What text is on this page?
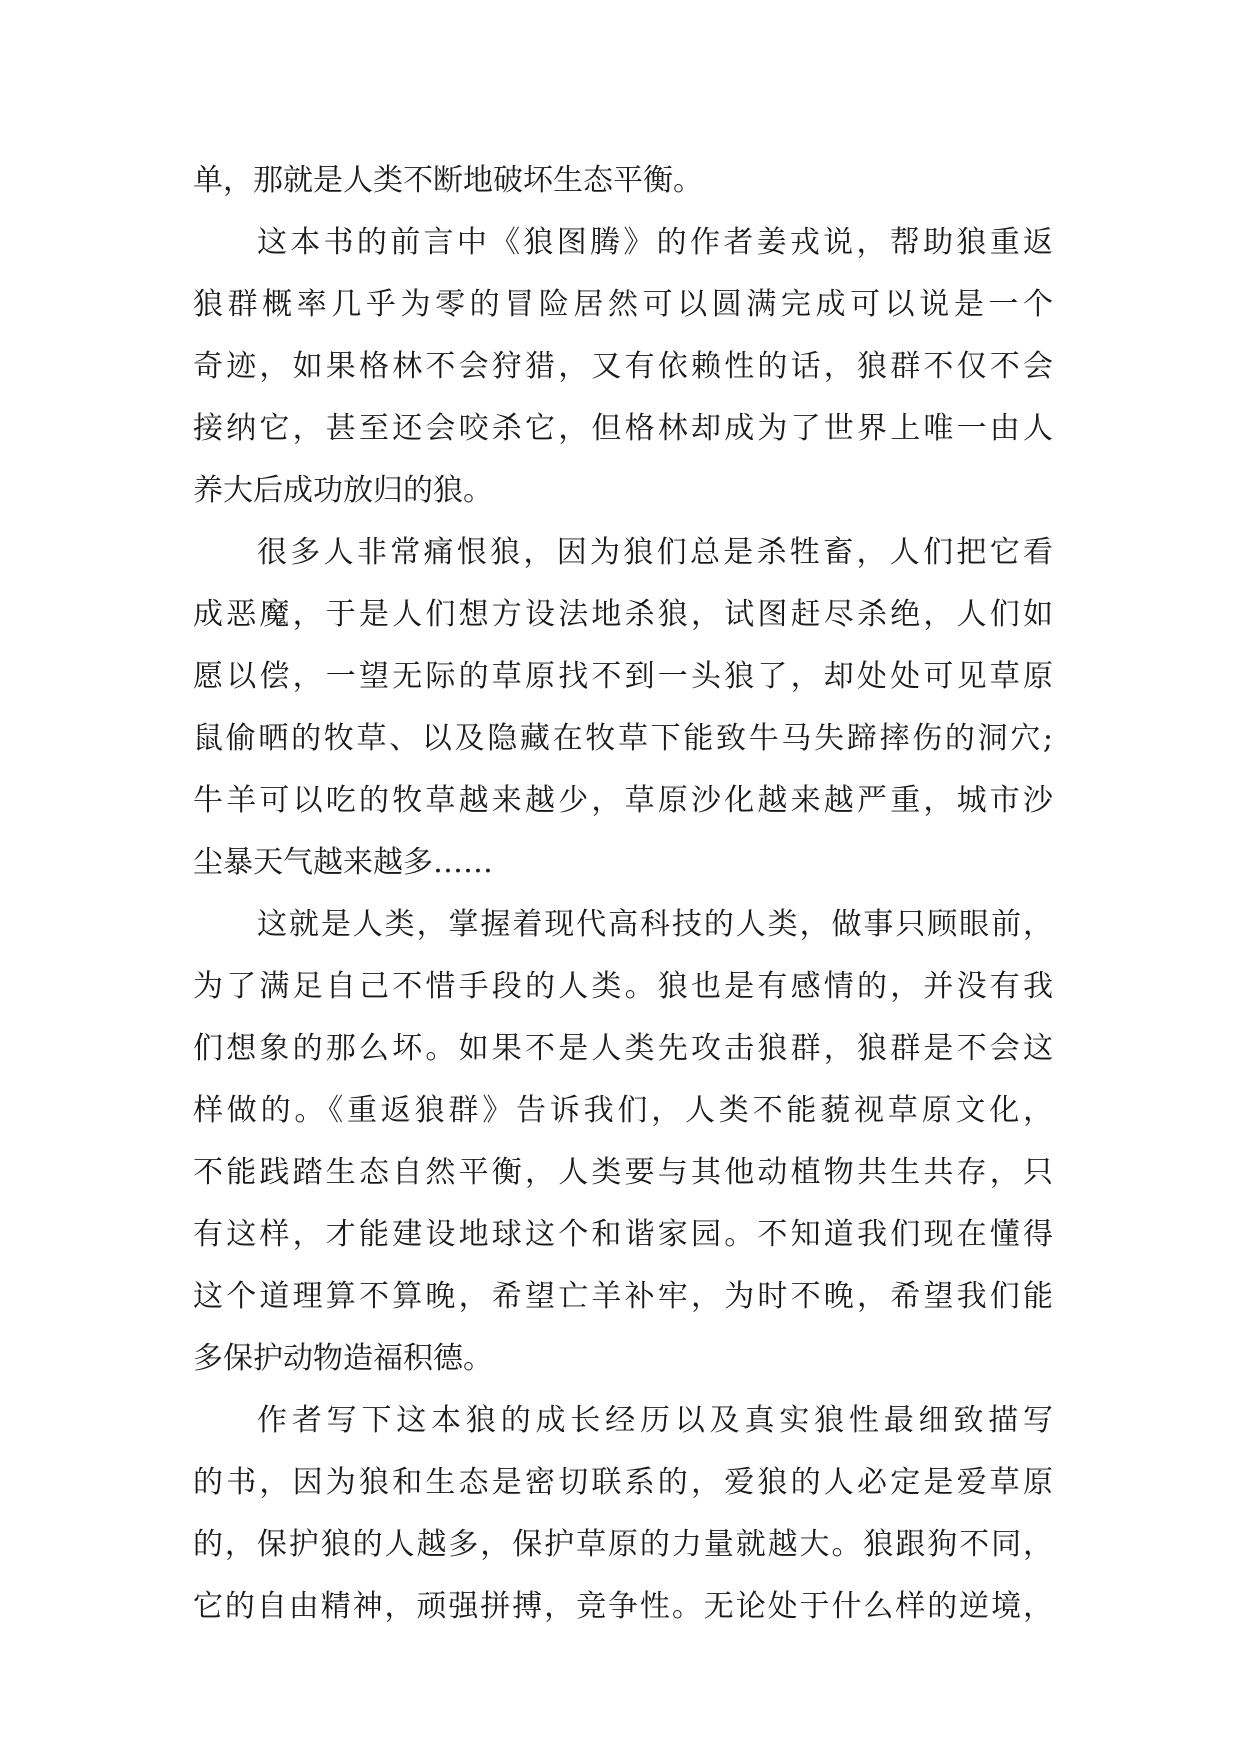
单，那就是人类不断地破坏生态平衡。
这本书的前言中《狼图腾》的作者姜戎说，帮助狼重返
狼群概率几乎为零的冒险居然可以圆满完成可以说是一个
奇迹，如果格林不会狩猎，又有依赖性的话，狼群不仅不会
接纳它，甚至还会咬杀它，但格林却成为了世界上唯一由人
养大后成功放归的狼。
很多人非常痛恨狼，因为狼们总是杀牲畜，人们把它看
成恶魔，于是人们想方设法地杀狼，试图赶尽杀绝，人们如
愿以偿，一望无际的草原找不到一头狼了，却处处可见草原
鼠偷晒的牧草、以及隐藏在牧草下能致牛马失蹄摔伤的洞穴;
牛羊可以吃的牧草越来越少，草原沙化越来越严重，城市沙
尘暴天气越来越多……
这就是人类，掌握着现代高科技的人类，做事只顾眼前，
为了满足自己不惜手段的人类。狼也是有感情的，并没有我
们想象的那么坏。如果不是人类先攻击狼群，狼群是不会这
样做的。《重返狼群》告诉我们，人类不能藐视草原文化，
不能践踏生态自然平衡，人类要与其他动植物共生共存，只
有这样，才能建设地球这个和谐家园。不知道我们现在懂得
这个道理算不算晚，希望亡羊补牢，为时不晚，希望我们能
多保护动物造福积德。
作者写下这本狼的成长经历以及真实狼性最细致描写
的书，因为狼和生态是密切联系的，爱狼的人必定是爱草原
的，保护狼的人越多，保护草原的力量就越大。狼跟狗不同，
它的自由精神，顽强拼搏，竞争性。无论处于什么样的逆境，
